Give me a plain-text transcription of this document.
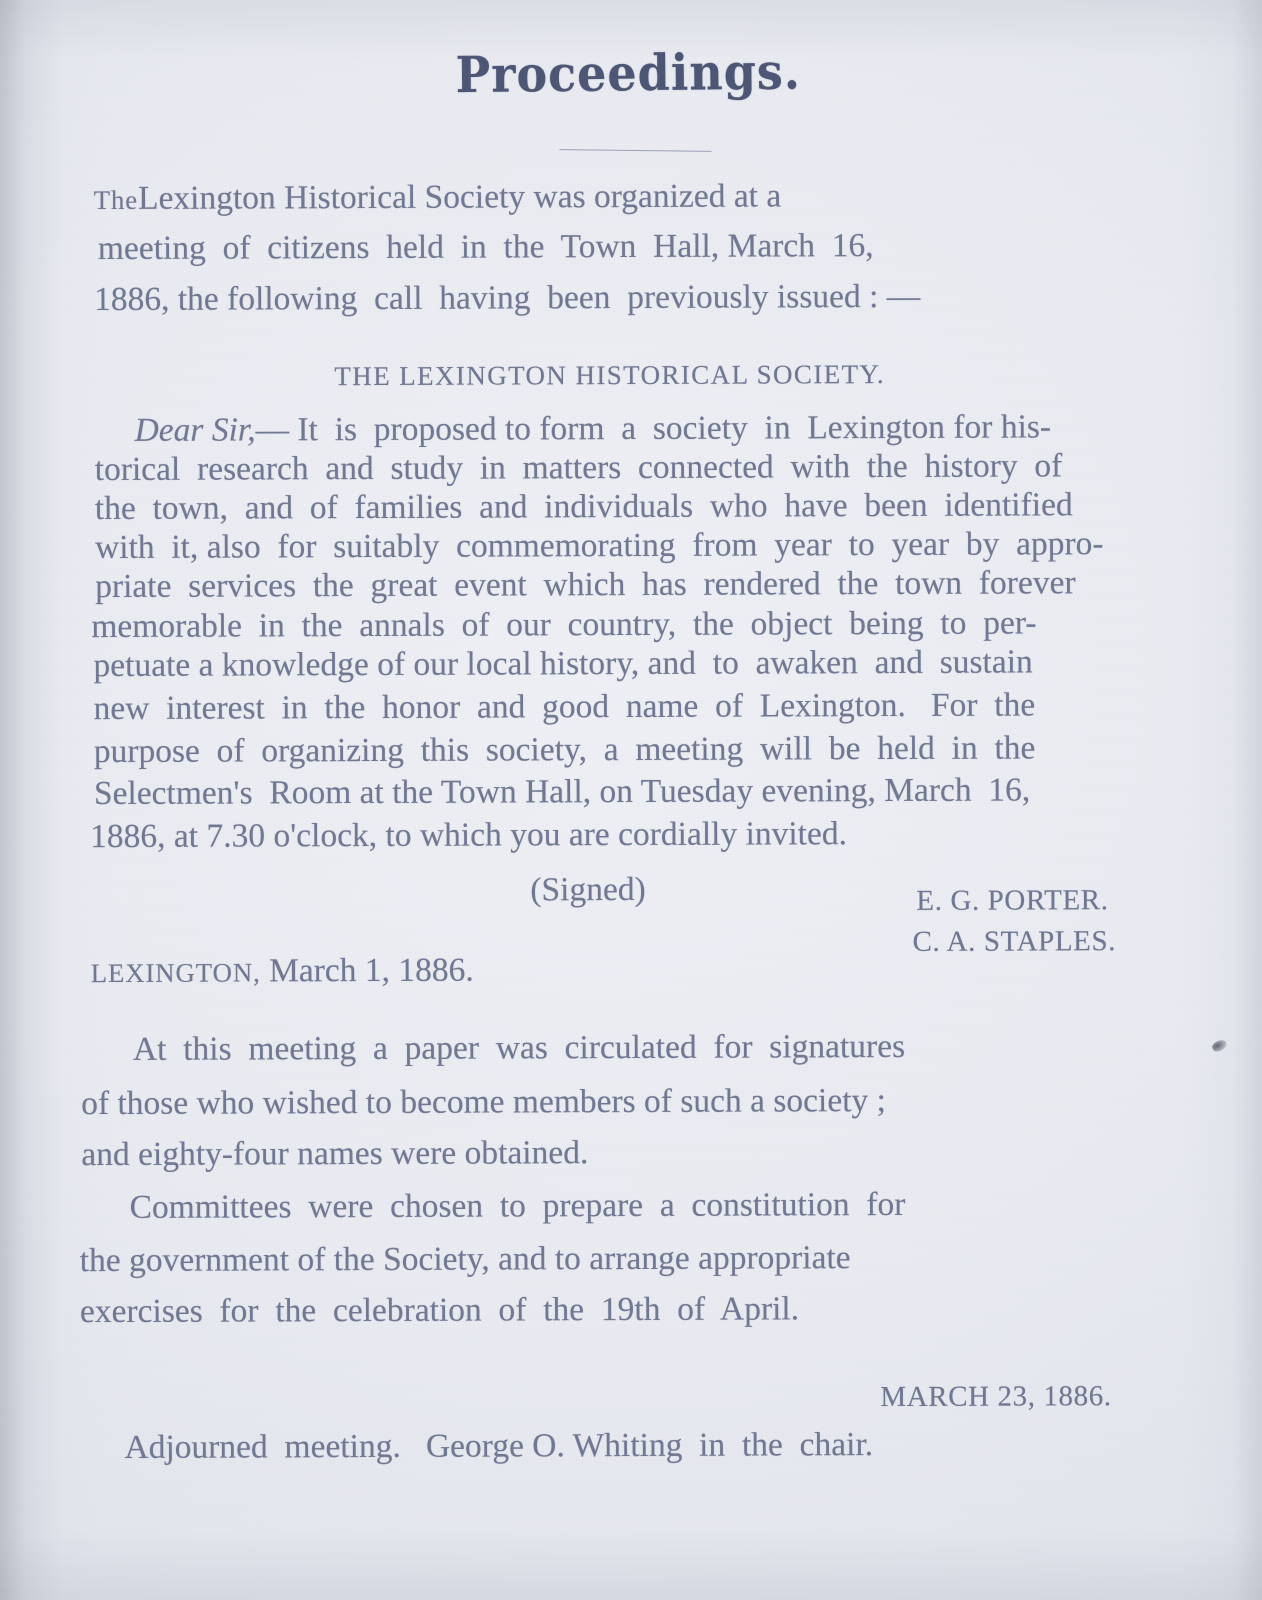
Proceedings.
TheLexington Historical Society was organized at a
meeting  of  citizens  held  in  the  Town  Hall, March  16,
1886, the following  call  having  been  previously issued : —
THE LEXINGTON HISTORICAL SOCIETY.
Dear Sir,— It  is  proposed to form  a  society  in  Lexington for his-
torical  research  and  study  in  matters  connected  with  the  history  of
the  town,  and  of  families  and  individuals  who  have  been  identified
with  it, also  for  suitably  commemorating  from  year  to  year  by  appro-
priate  services  the  great  event  which  has  rendered  the  town  forever
memorable  in  the  annals  of  our  country,  the  object  being  to  per-
petuate a knowledge of our local history, and  to  awaken  and  sustain
new  interest  in  the  honor  and  good  name  of  Lexington.   For  the
purpose  of  organizing  this  society,  a  meeting  will  be  held  in  the
Selectmen's  Room at the Town Hall, on Tuesday evening, March  16,
1886, at 7.30 o'clock, to which you are cordially invited.
(Signed)	E. G. PORTER.
C. A. STAPLES.
LEXINGTON, March 1, 1886.
At  this  meeting  a  paper  was  circulated  for  signatures
of those who wished to become members of such a society ;
and eighty-four names were obtained.
Committees  were  chosen  to  prepare  a  constitution  for
the government of the Society, and to arrange appropriate
exercises  for  the  celebration  of  the  19th  of  April.
MARCH 23, 1886.
Adjourned  meeting.   George O. Whiting  in  the  chair.
